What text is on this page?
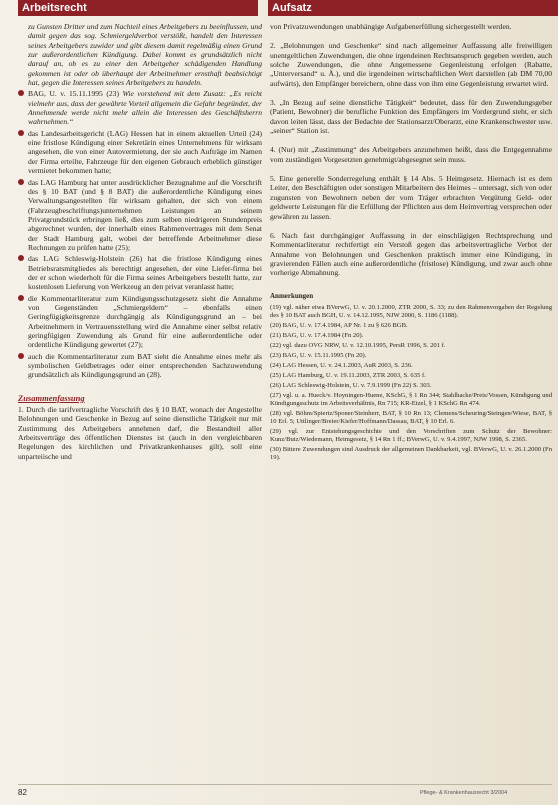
Arbeitsrecht	Aufsatz

zu Gunsten Dritter und zum Nachteil eines Arbeitgebers zu beeinflussen, und damit gegen das sog. Schmiergeldverbot verstößt, handelt den Interessen seines Arbeitgebers zuwider und gibt diesem damit regelmäßig einen Grund zur außerordentlichen Kündigung. Dabei kommt es grundsätzlich nicht darauf an, ob es zu einer den Arbeitgeber schädigenden Handlung gekommen ist oder ob überhaupt der Arbeitnehmer ernsthaft beabsichtigt hat, gegen die Interessen seines Arbeitgebers zu handeln.

BAG, U. v. 15.11.1995 (23) Wie vorstehend mit dem Zusatz: „Es reicht vielmehr aus, dass der gewährte Vorteil allgemein die Gefahr begründet, der Annehmende werde nicht mehr allein die Interessen des Geschäftsherrn wahrnehmen.“

das Landesarbeitsgericht (LAG) Hessen hat in einem aktuellen Urteil (24) eine fristlose Kündigung einer Sekretärin eines Unternehmens für wirksam angesehen, die von einer Autovermietung, der sie auch Aufträge im Namen der Firma erteilte, Fahrzeuge für den eigenen Gebrauch erheblich günstiger vermietet bekommen hatte;

das LAG Hamburg hat unter ausdrücklicher Bezugnahme auf die Vorschrift des § 10 BAT (und § 8 BAT) die außerordentliche Kündigung eines Verwaltungsangestellten für wirksam gehalten, der sich von einem (Fahrzeugbeschriftungs)unternehmen Leistungen an seinem Privatgrundstück erbringen ließ, dies zum selben niedrigeren Stundenpreis abgerechnet wurden, der innerhalb eines Rahmenvertrages mit dem Senat der Stadt Hamburg galt, wobei der betreffende Arbeitnehmer diese Rechnungen zu prüfen hatte (25);

das LAG Schleswig-Holstein (26) hat die fristlose Kündigung eines Betriebsratsmitgliedes als berechtigt angesehen, der eine Liefer-firma bei der er schon wiederholt für die Firma seines Arbeitgebers bestellt hatte, zur kostenlosen Lieferung von Werkzeug an den privat veranlasst hatte;

die Kommentarliteratur zum Kündigungsschutzgesetz sieht die Annahme von Gegenständen „Schmiergeldern“ – ebenfalls einen Geringfügigkeitsgrenze durchgängig als Kündigungsgrund an – bei Arbeitnehmern in Vertrauensstellung wird die Annahme einer selbst relativ geringfügigen Zuwendung als Grund für eine außerordentliche oder ordentliche Kündigung gewertet (27);

auch die Kommentarliteratur zum BAT sieht die Annahme eines mehr als symbolischen Geldbetrages oder einer entsprechenden Sachzuwendung grundsätzlich als Kündigungsgrund an (28).

Zusammenfassung

1. Durch die tarifvertragliche Vorschrift des § 10 BAT, wonach der Angestellte Belohnungen und Geschenke in Bezug auf seine dienstliche Tätigkeit nur mit Zustimmung des Arbeitgebers annehmen darf, die Bestandteil aller Arbeitsverträge des öffentlichen Dienstes ist (auch in den vergleichbaren Regelungen des kirchlichen und Privatkrankenhauses gilt), soll eine unparteiische und

von Privatzuwendungen unabhängige Aufgabenerfüllung sichergestellt werden.

2. „Belohnungen und Geschenke“ sind nach allgemeiner Auffassung alle freiwilligen unentgeltlichen Zuwendungen, die ohne irgendeinen Rechtsanspruch gegeben werden, auch solche Zuwendungen, die ohne Angemessene Gegenleistung erfolgen (Rabatte, „Unterversand“ u. Ä.), und die irgendeinen wirtschaftlichen Wert darstellen (ab DM 70,00 aufwärts), den Empfänger bereichern, ohne dass von ihm eine Gegenleistung erwartet wird.

3. „In Bezug auf seine dienstliche Tätigkeit“ bedeutet, dass für den Zuwendungsgeber (Patient, Bewohner) die berufliche Funktion des Empfängers im Vordergrund steht, er sich davon leiten lässt, dass der Bedachte der Stationsarzt/Oberarzt, eine Krankenschwester usw. „seiner“ Station ist.

4. (Nur) mit „Zustimmung“ des Arbeitgebers anzunehmen heißt, dass die Entgegennahme vom zuständigen Vorgesetzten genehmigt/abgesegnet sein muss.

5. Eine generelle Sonderregelung enthält § 14 Abs. 5 Heimgesetz. Hiernach ist es dem Leiter, den Beschäftigten oder sonstigen Mitarbeitern des Heimes – untersagt, sich von oder zugunsten von Bewohnern neben der vom Träger erbrachten Vergütung Geld- oder geldwerte Leistungen für die Erfüllung der Pflichten aus dem Heimvertrag versprechen oder gewähren zu lassen.

6. Nach fast durchgängiger Auffassung in der einschlägigen Rechtsprechung und Kommentarliteratur rechtfertigt ein Verstoß gegen das arbeitsvertragliche Verbot der Annahme von Belohnungen und Geschenken praktisch immer eine Kündigung, in gravierenden Fällen auch eine außerordentliche (fristlose) Kündigung, und zwar auch ohne vorherige Abmahnung.

Anmerkungen

(19) vgl. näher etwa BVerwG, U. v. 20.1.2000, ZTR 2000, S. 33; zu den Rahmenvorgaben der Regelung des § 10 BAT auch BGH, U. v. 14.12.1995, NJW 2000, S. 1186 (1188).

(20) BAG, U. v. 17.4.1984, AP Nr. 1 zu § 626 BGB.

(21) BAG, U. v. 17.4.1984 (Fn 20).

(22) vgl. dazu OVG NRW, U. v. 12.10.1995, PersR 1996, S. 201 f.

(23) BAG, U. v. 15.11.1995 (Fn 20).

(24) LAG Hessen, U. v. 24.1.2003, AuR 2003, S. 236.

(25) LAG Hamburg, U. v. 19.11.2003, ZTR 2003, S. 635 f.

(26) LAG Schleswig-Holstein, U. v. 7.9.1999 (Fn 22) S. 303.

(27) vgl. u. a. Hueck/v. Hoyningen-Huene, KSchG, § 1 Rn 344; Stahlhacke/Preis/Vossen, Kündigung und Kündigungsschutz im Arbeitsverhältnis, Rn 715; KR-Etzel, § 1 KSchG Rn 474.

(28) vgl. Böhm/Spiertz/Sponer/Steinherr, BAT, § 10 Rn 13; Clemens/Scheuring/Steingen/Wiese, BAT, § 10 Erl. 5; Uttlinger/Breier/Kiefer/Hoffmann/Dassau, BAT, § 10 Erl. 6.

(29) vgl. zur Entstehungsgeschichte und den Vorschriften zum Schutz der Bewohner: Kunz/Butz/Wiedemann, Heimgesetz, § 14 Rn 1 ff.; BVerwG, U. v. 9.4.1997, NJW 1998, S. 2365.

(30) Bittere Zuwendungen sind Ausdruck der allgemeinen Dankbarkeit, vgl. BVerwG, U. v. 26.1.2000 (Fn 19).

82	Pflege- & Krankenhausrecht 3/2004
